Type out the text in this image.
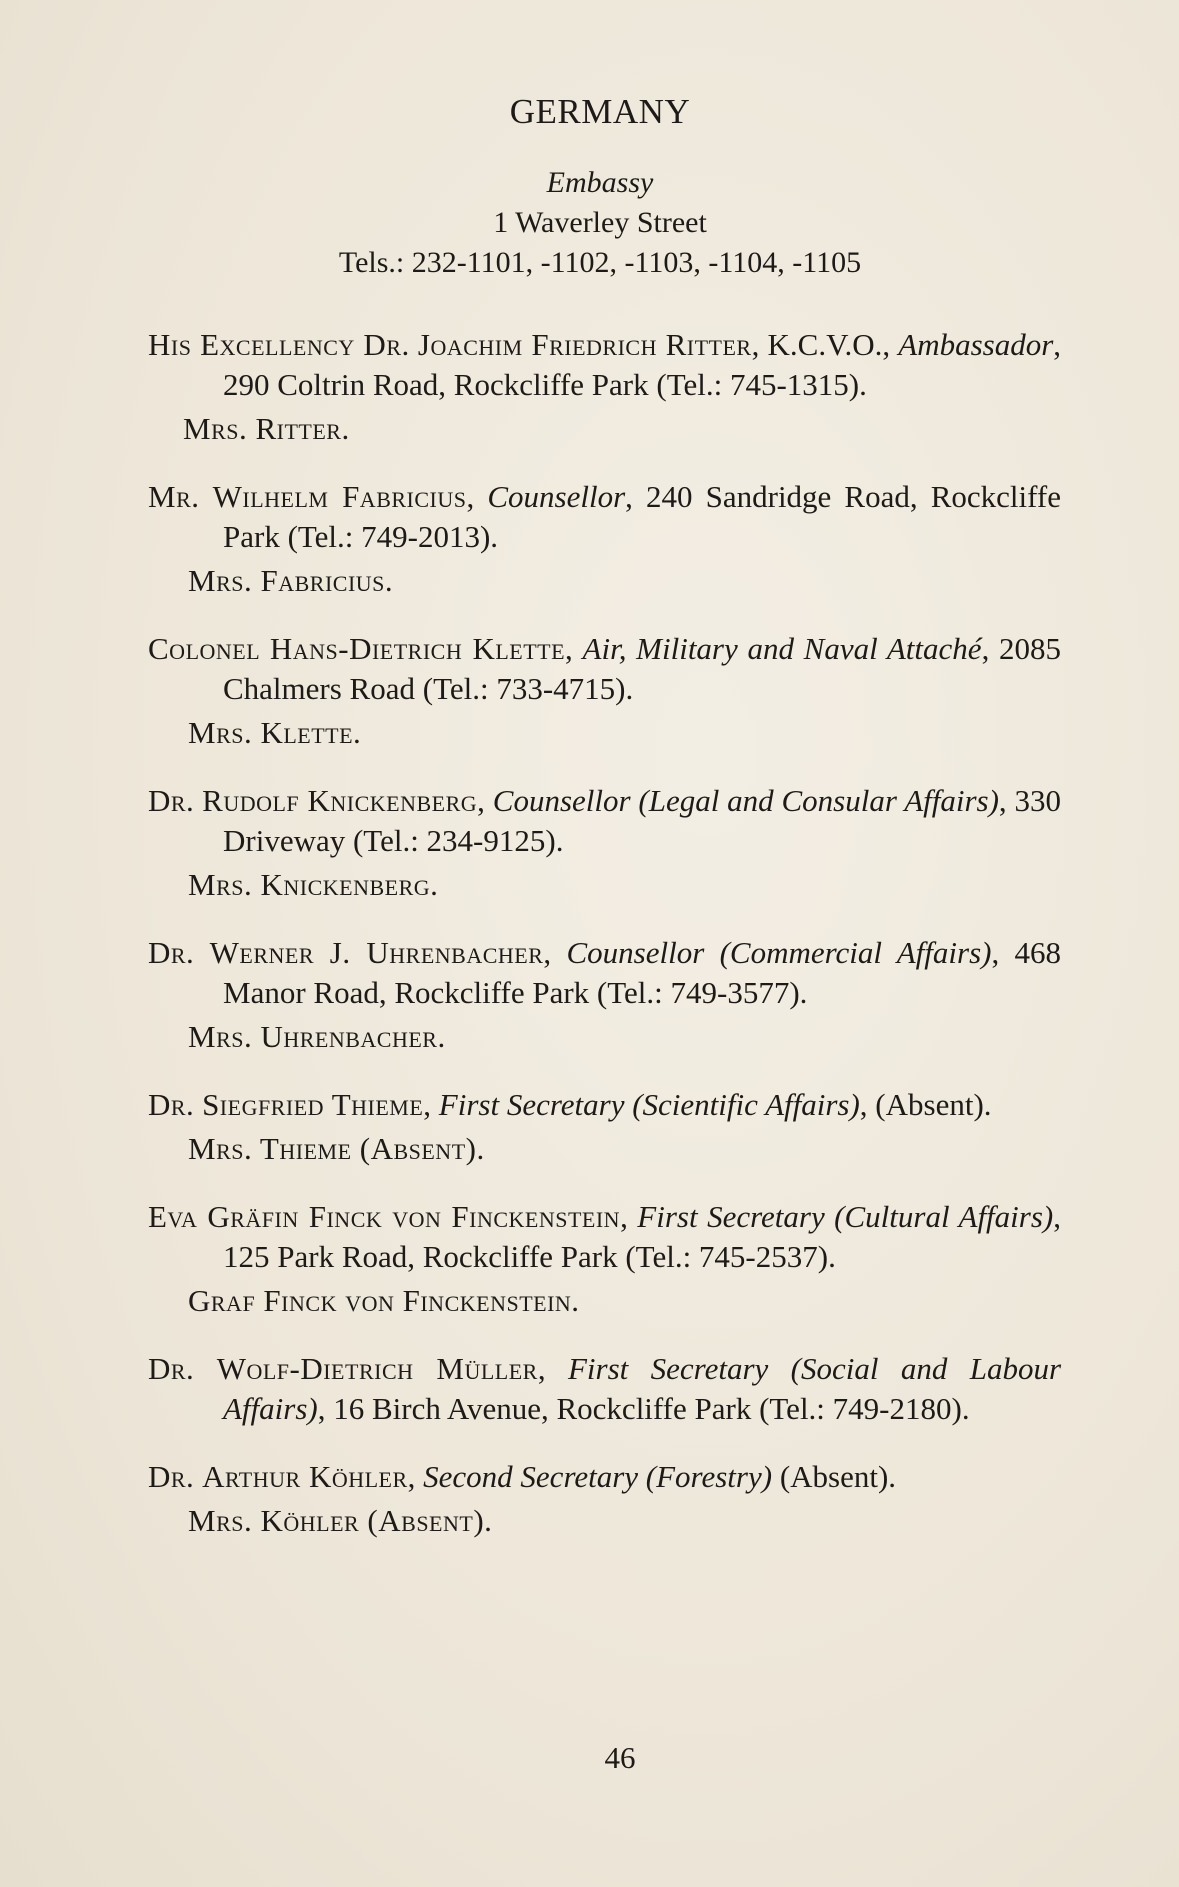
GERMANY
Embassy
1 Waverley Street
Tels.: 232-1101, -1102, -1103, -1104, -1105
His Excellency Dr. Joachim Friedrich Ritter, K.C.V.O., Ambassador, 290 Coltrin Road, Rockcliffe Park (Tel.: 745-1315).
Mrs. Ritter.
Mr. Wilhelm Fabricius, Counsellor, 240 Sandridge Road, Rockcliffe Park (Tel.: 749-2013).
Mrs. Fabricius.
Colonel Hans-Dietrich Klette, Air, Military and Naval Attaché, 2085 Chalmers Road (Tel.: 733-4715).
Mrs. Klette.
Dr. Rudolf Knickenberg, Counsellor (Legal and Consular Affairs), 330 Driveway (Tel.: 234-9125).
Mrs. Knickenberg.
Dr. Werner J. Uhrenbacher, Counsellor (Commercial Affairs), 468 Manor Road, Rockcliffe Park (Tel.: 749-3577).
Mrs. Uhrenbacher.
Dr. Siegfried Thieme, First Secretary (Scientific Affairs), (Absent).
Mrs. Thieme (Absent).
Eva Gräfin Finck von Finckenstein, First Secretary (Cultural Affairs), 125 Park Road, Rockcliffe Park (Tel.: 745-2537).
Graf Finck von Finckenstein.
Dr. Wolf-Dietrich Müller, First Secretary (Social and Labour Affairs), 16 Birch Avenue, Rockcliffe Park (Tel.: 749-2180).
Dr. Arthur Köhler, Second Secretary (Forestry) (Absent).
Mrs. Köhler (Absent).
46
